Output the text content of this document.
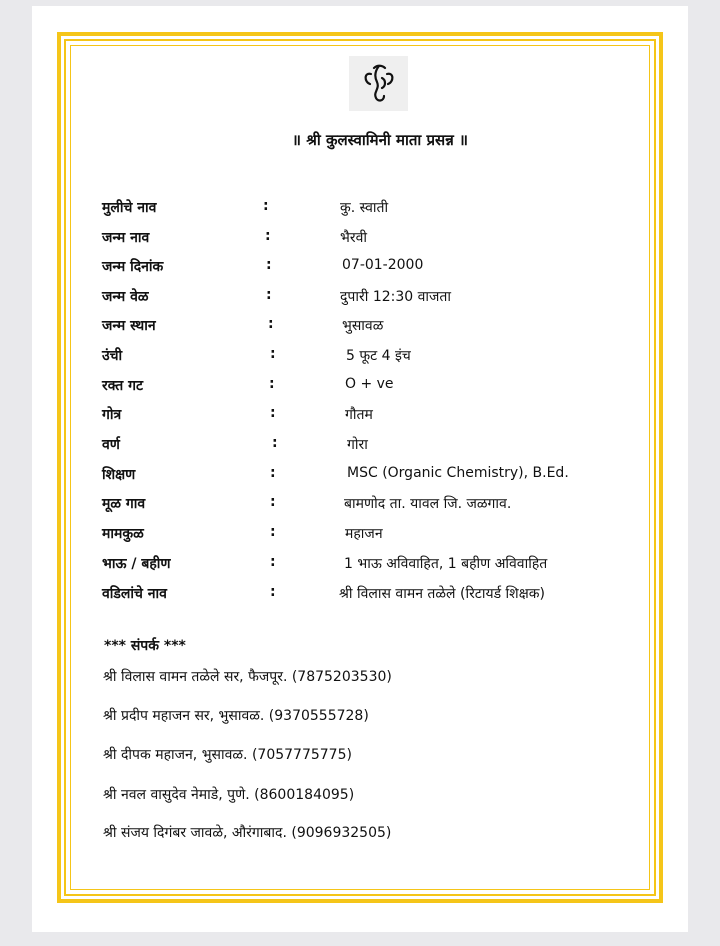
॥ श्री कुलस्वामिनी माता प्रसन्न ॥
मुलीचे नाव	:	कु. स्वाती
जन्म नाव	:	भैरवी
जन्म दिनांक	:	07-01-2000
जन्म वेळ	:	दुपारी 12:30 वाजता
जन्म स्थान	:	भुसावळ
उंची	:	5 फूट 4 इंच
रक्त गट	:	O + ve
गोत्र	:	गौतम
वर्ण	:	गोरा
शिक्षण	:	MSC (Organic Chemistry), B.Ed.
मूळ गाव	:	बामणोद ता. यावल जि. जळगाव.
मामकुळ	:	महाजन
भाऊ / बहीण	:	1 भाऊ अविवाहित, 1 बहीण अविवाहित
वडिलांचे नाव	:	श्री विलास वामन तळेले (रिटायर्ड शिक्षक)
*** संपर्क ***
श्री विलास वामन तळेले सर, फैजपूर. (7875203530)
श्री प्रदीप महाजन सर, भुसावळ. (9370555728)
श्री दीपक महाजन, भुसावळ. (7057775775)
श्री नवल वासुदेव नेमाडे, पुणे. (8600184095)
श्री संजय दिगंबर जावळे, औरंगाबाद. (9096932505)
